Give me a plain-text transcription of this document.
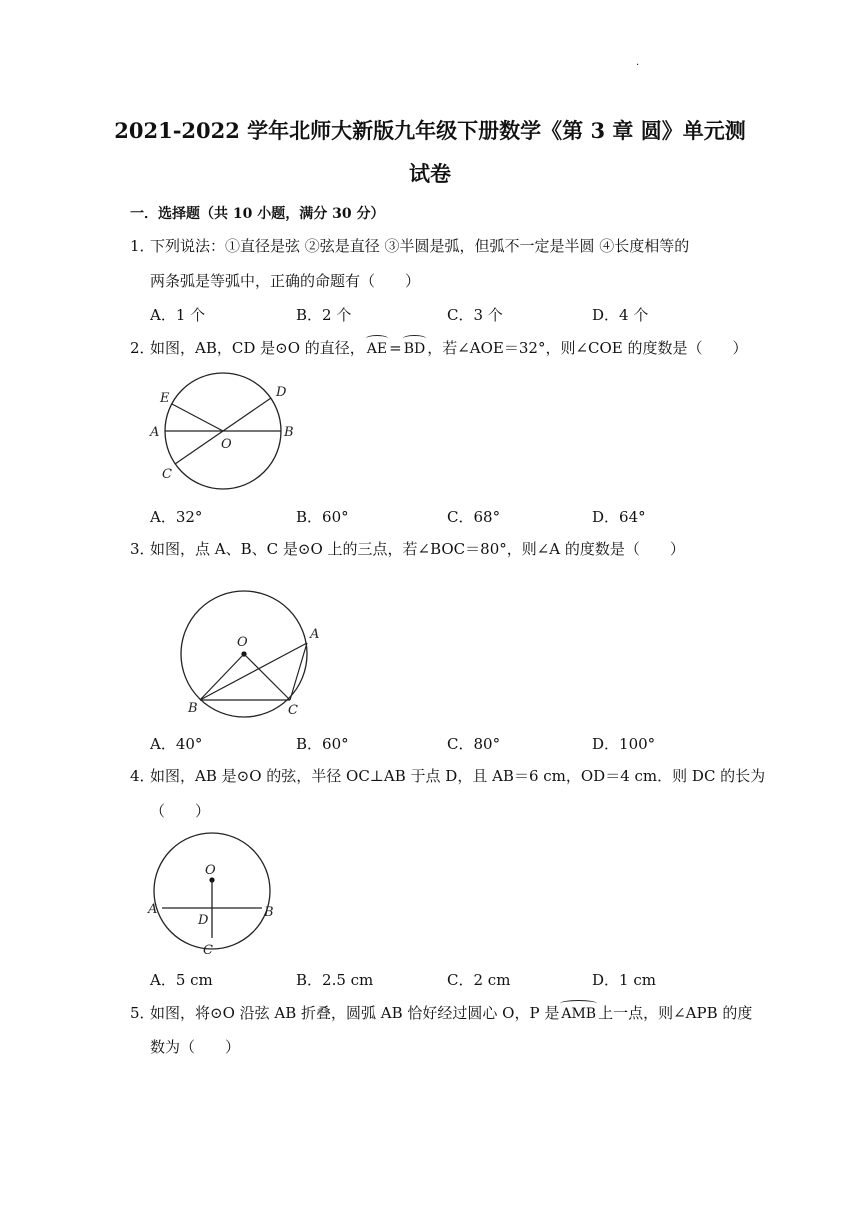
·
2021-2022 学年北师大新版九年级下册数学《第 3 章 圆》单元测
试卷
一．选择题（共 10 小题，满分 30 分）
1．下列说法：①直径是弦 ②弦是直径 ③半圆是弧，但弧不一定是半圆 ④长度相等的
两条弧是等弧中，正确的命题有（　　）
A．1 个	B．2 个	C．3 个	D．4 个
2．如图，AB，CD 是⊙O 的直径， AE = BD ，若∠AOE＝32°，则∠COE 的度数是（　　）
E	D
A
O
B
C
A．32°	B．60°	C．68°	D．64°
3．如图，点 A、B、C 是⊙O 上的三点，若∠BOC＝80°，则∠A 的度数是（　　）
O
A
B	C
A．40°	B．60°	C．80°	D．100°
4．如图，AB 是⊙O 的弦，半径 OC⊥AB 于点 D，且 AB＝6 cm，OD＝4 cm．则 DC 的长为
（　　）
O
A
D
B
C
A．5 cm	B．2.5 cm	C．2 cm	D．1 cm
5．如图，将⊙O 沿弦 AB 折叠，圆弧 AB 恰好经过圆心 O，P 是 AMB 上一点，则∠APB 的度
数为（　　）
